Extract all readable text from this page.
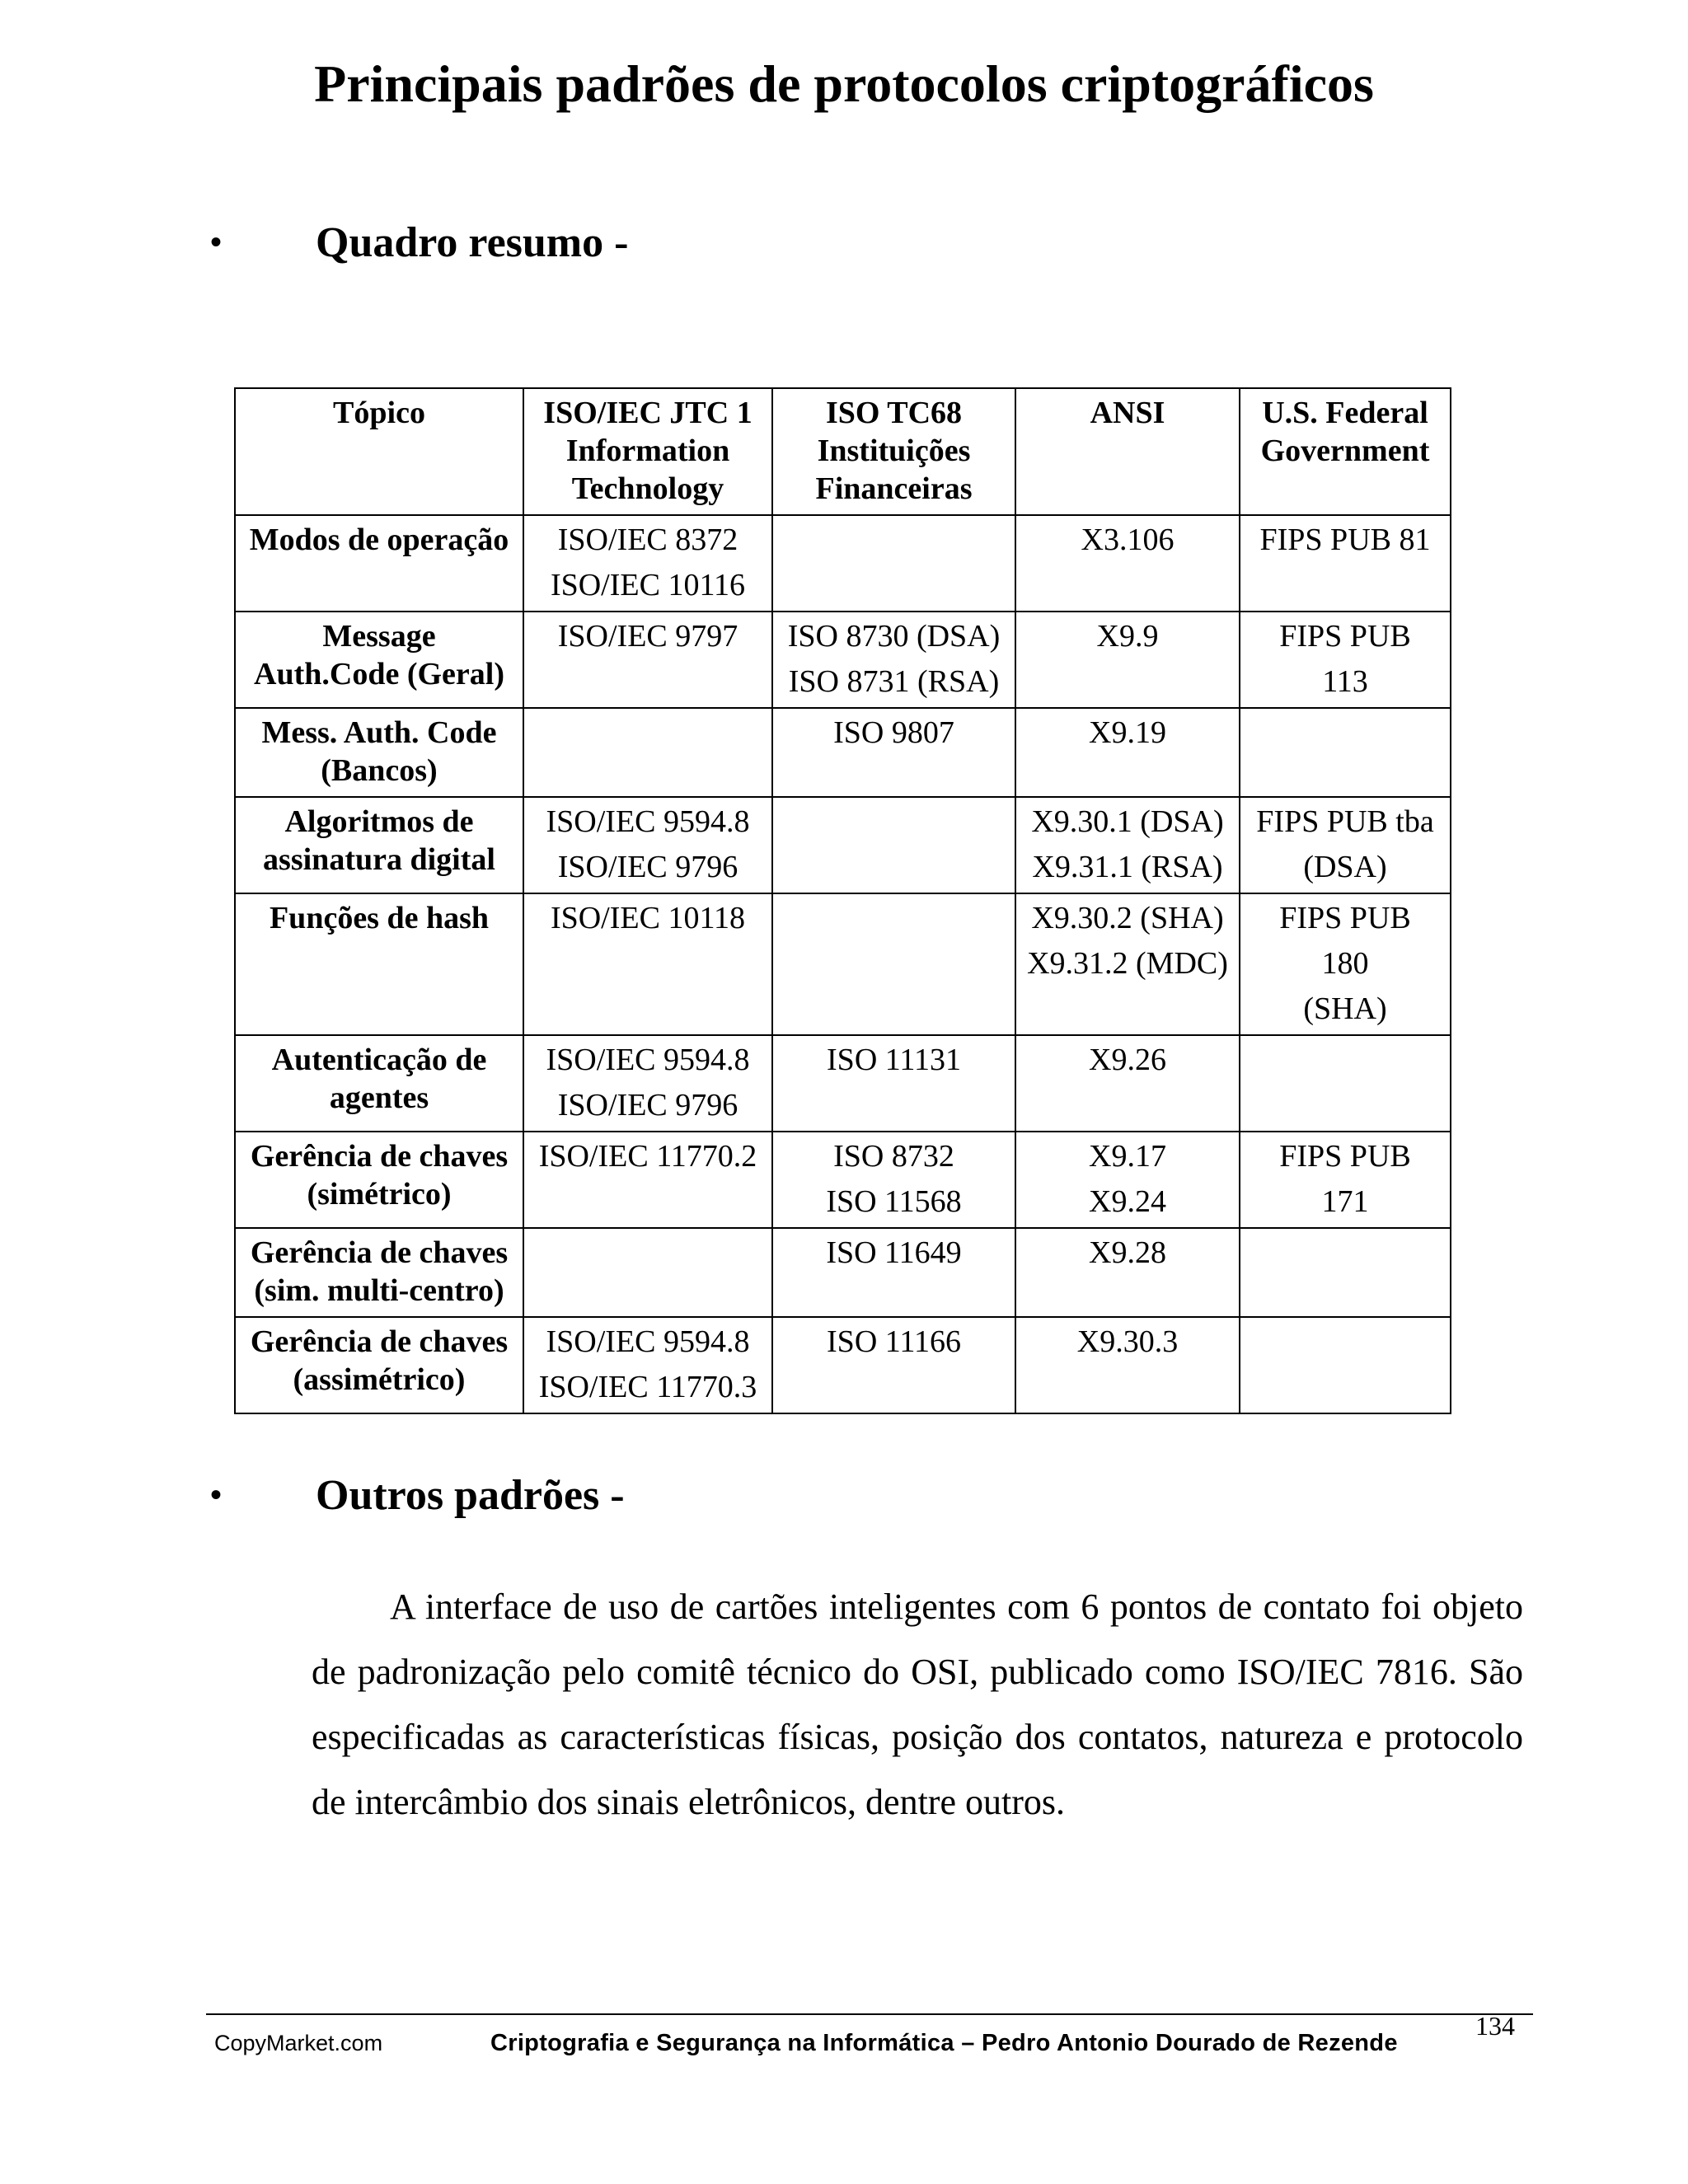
Principais padrões de protocolos criptográficos
• Quadro resumo -
Tópico	ISO/IEC JTC 1
Information
Technology	ISO TC68
Instituições
Financeiras	ANSI	U.S. Federal
Government

Modos de operação	ISO/IEC 8372
ISO/IEC 10116		X3.106	FIPS PUB 81

Message
Auth.Code (Geral)	ISO/IEC 9797	ISO 8730 (DSA)
ISO 8731 (RSA)	X9.9	FIPS PUB
113

Mess. Auth. Code
(Bancos)		ISO 9807	X9.19	

Algoritmos de
assinatura digital	ISO/IEC 9594.8
ISO/IEC 9796		X9.30.1 (DSA)
X9.31.1 (RSA)	FIPS PUB tba
(DSA)

Funções de hash	ISO/IEC 10118		X9.30.2 (SHA)
X9.31.2 (MDC)	FIPS PUB
180
(SHA)

Autenticação de
agentes	ISO/IEC 9594.8
ISO/IEC 9796	ISO 11131	X9.26	

Gerência de chaves
(simétrico)	ISO/IEC 11770.2	ISO 8732
ISO 11568	X9.17
X9.24	FIPS PUB
171

Gerência de chaves
(sim. multi-centro)		ISO 11649	X9.28	

Gerência de chaves
(assimétrico)	ISO/IEC 9594.8
ISO/IEC 11770.3	ISO 11166	X9.30.3	

• Outros padrões -

A interface de uso de cartões inteligentes com 6 pontos de contato foi objeto de padronização pelo comitê técnico do OSI, publicado como ISO/IEC 7816. São especificadas as características físicas, posição dos contatos, natureza e protocolo de intercâmbio dos sinais eletrônicos, dentre outros.

134
CopyMarket.com	Criptografia e Segurança na Informática – Pedro Antonio Dourado de Rezende
